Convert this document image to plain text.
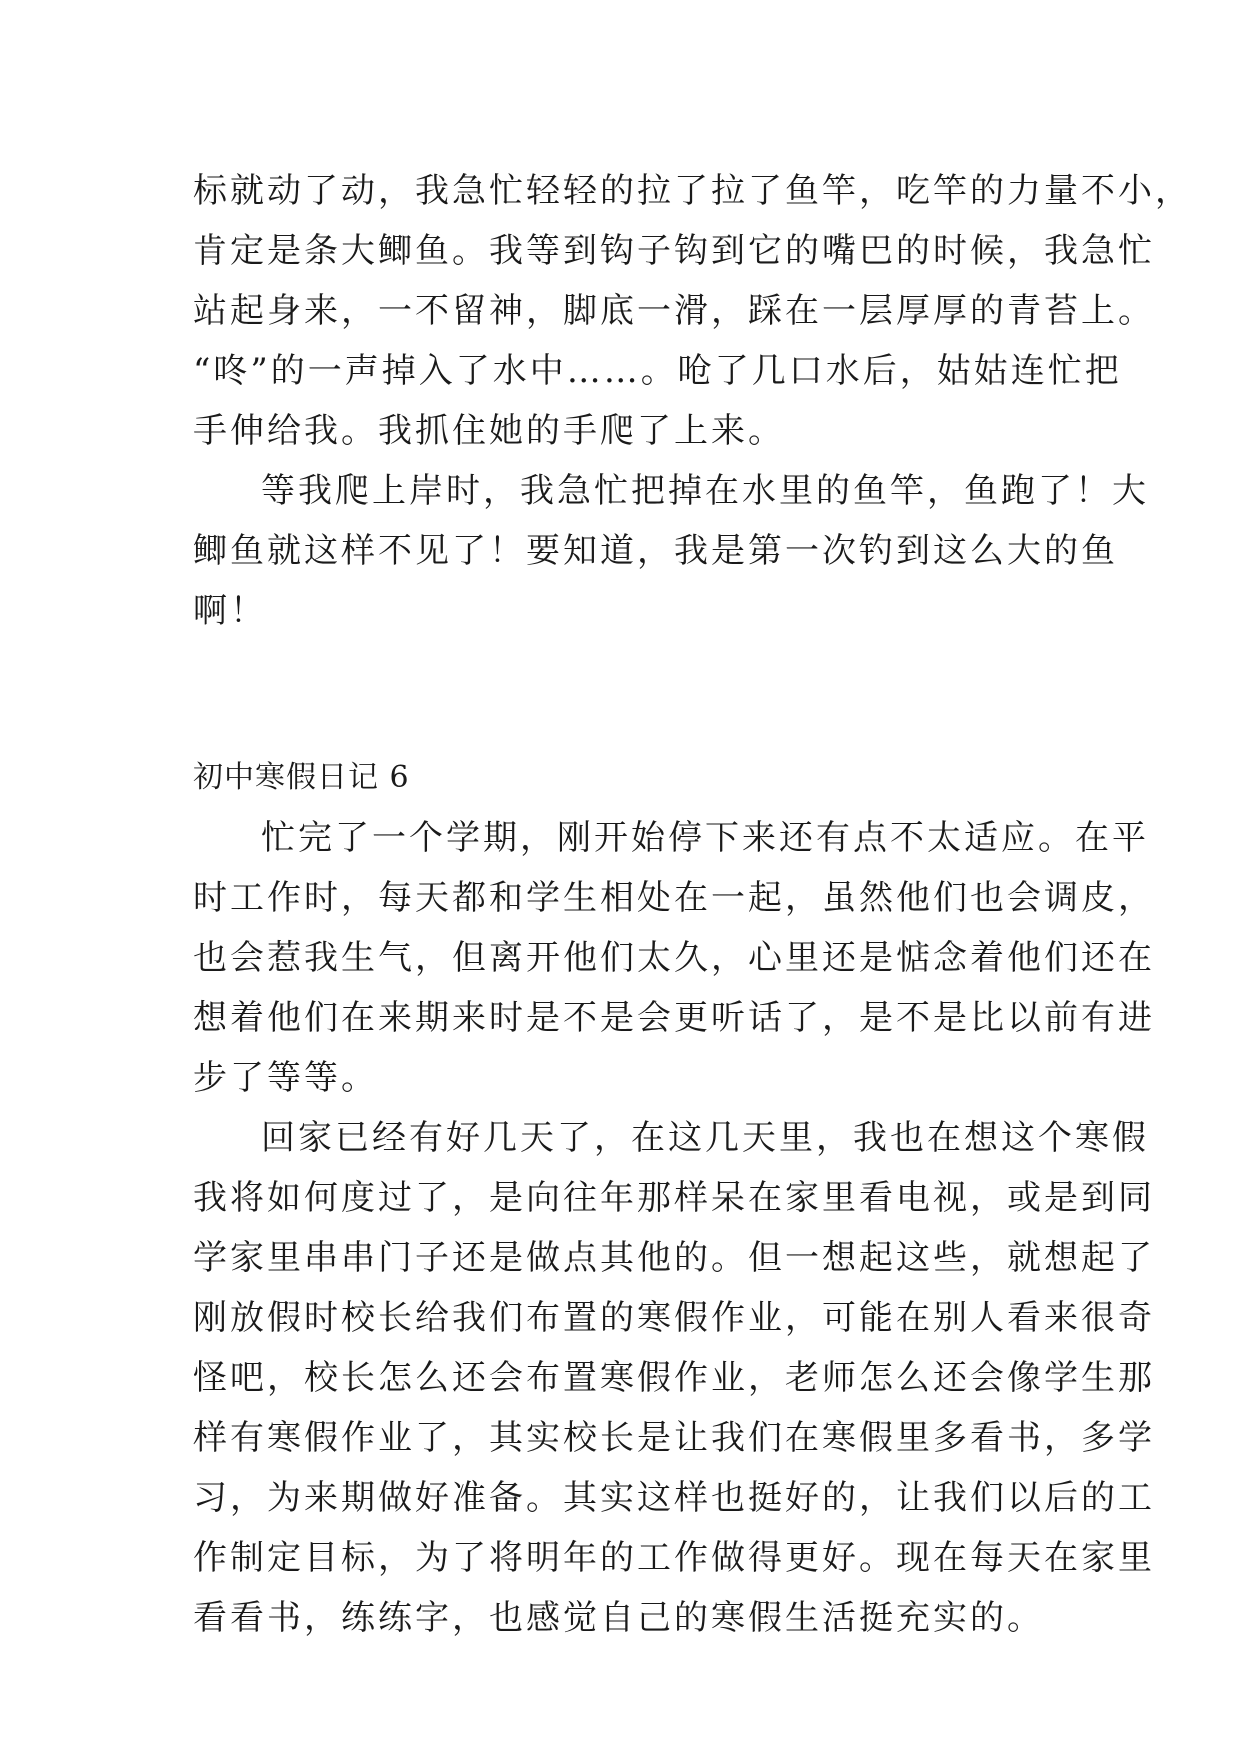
标就动了动，我急忙轻轻的拉了拉了鱼竿，吃竿的力量不小，
肯定是条大鲫鱼。我等到钩子钩到它的嘴巴的时候，我急忙
站起身来，一不留神，脚底一滑，踩在一层厚厚的青苔上。
“咚”的一声掉入了水中……。呛了几口水后，姑姑连忙把
手伸给我。我抓住她的手爬了上来。
等我爬上岸时，我急忙把掉在水里的鱼竿，鱼跑了！大
鲫鱼就这样不见了！要知道，我是第一次钓到这么大的鱼
啊！
初中寒假日记 6
忙完了一个学期，刚开始停下来还有点不太适应。在平
时工作时，每天都和学生相处在一起，虽然他们也会调皮，
也会惹我生气，但离开他们太久，心里还是惦念着他们还在
想着他们在来期来时是不是会更听话了，是不是比以前有进
步了等等。
回家已经有好几天了，在这几天里，我也在想这个寒假
我将如何度过了，是向往年那样呆在家里看电视，或是到同
学家里串串门子还是做点其他的。但一想起这些，就想起了
刚放假时校长给我们布置的寒假作业，可能在别人看来很奇
怪吧，校长怎么还会布置寒假作业，老师怎么还会像学生那
样有寒假作业了，其实校长是让我们在寒假里多看书，多学
习，为来期做好准备。其实这样也挺好的，让我们以后的工
作制定目标，为了将明年的工作做得更好。现在每天在家里
看看书，练练字，也感觉自己的寒假生活挺充实的。
